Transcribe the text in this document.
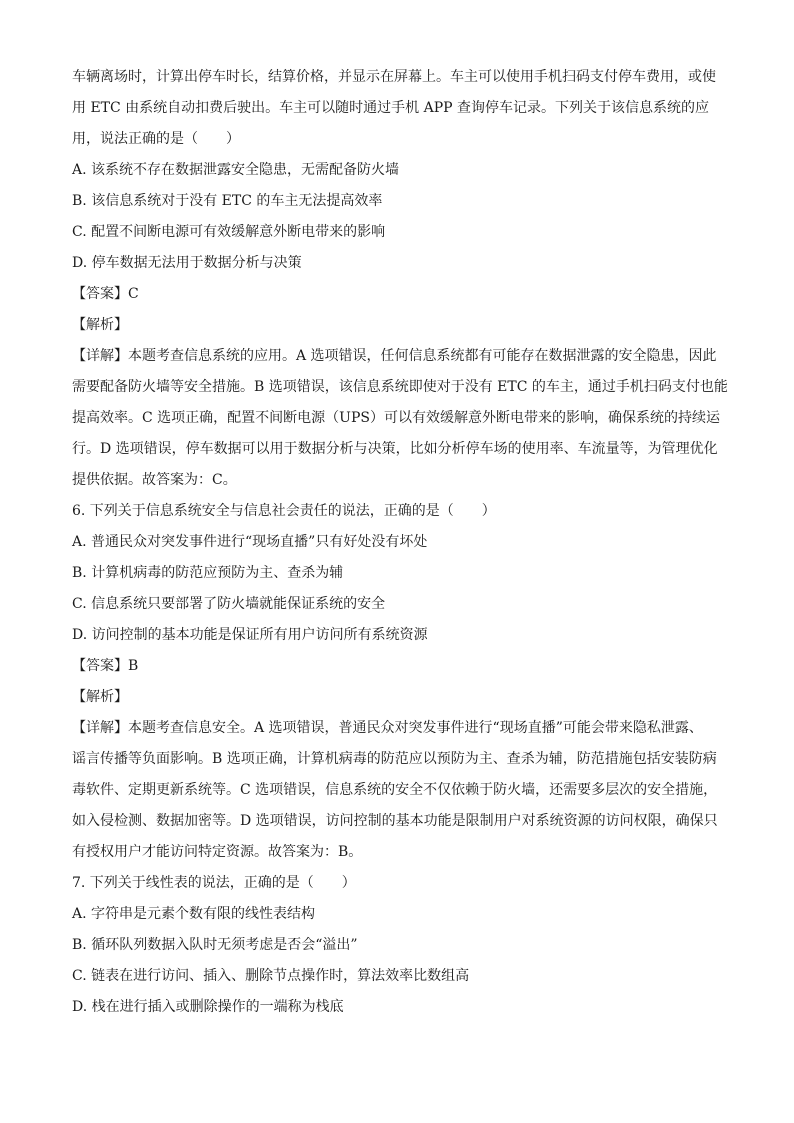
车辆离场时，计算出停车时长，结算价格，并显示在屏幕上。车主可以使用手机扫码支付停车费用，或使
用 ETC 由系统自动扣费后驶出。车主可以随时通过手机 APP 查询停车记录。下列关于该信息系统的应
用，说法正确的是（　　）
A. 该系统不存在数据泄露安全隐患，无需配备防火墙
B. 该信息系统对于没有 ETC 的车主无法提高效率
C. 配置不间断电源可有效缓解意外断电带来的影响
D. 停车数据无法用于数据分析与决策
【答案】C
【解析】
【详解】本题考查信息系统的应用。A 选项错误，任何信息系统都有可能存在数据泄露的安全隐患，因此
需要配备防火墙等安全措施。B 选项错误，该信息系统即使对于没有 ETC 的车主，通过手机扫码支付也能
提高效率。C 选项正确，配置不间断电源（UPS）可以有效缓解意外断电带来的影响，确保系统的持续运
行。D 选项错误，停车数据可以用于数据分析与决策，比如分析停车场的使用率、车流量等，为管理优化
提供依据。故答案为：C。
6. 下列关于信息系统安全与信息社会责任的说法，正确的是（　　）
A. 普通民众对突发事件进行“现场直播”只有好处没有坏处
B. 计算机病毒的防范应预防为主、查杀为辅
C. 信息系统只要部署了防火墙就能保证系统的安全
D. 访问控制的基本功能是保证所有用户访问所有系统资源
【答案】B
【解析】
【详解】本题考查信息安全。A 选项错误，普通民众对突发事件进行“现场直播”可能会带来隐私泄露、
谣言传播等负面影响。B 选项正确，计算机病毒的防范应以预防为主、查杀为辅，防范措施包括安装防病
毒软件、定期更新系统等。C 选项错误，信息系统的安全不仅依赖于防火墙，还需要多层次的安全措施，
如入侵检测、数据加密等。D 选项错误，访问控制的基本功能是限制用户对系统资源的访问权限，确保只
有授权用户才能访问特定资源。故答案为：B。
7. 下列关于线性表的说法，正确的是（　　）
A. 字符串是元素个数有限的线性表结构
B. 循环队列数据入队时无须考虑是否会“溢出”
C. 链表在进行访问、插入、删除节点操作时，算法效率比数组高
D. 栈在进行插入或删除操作的一端称为栈底
